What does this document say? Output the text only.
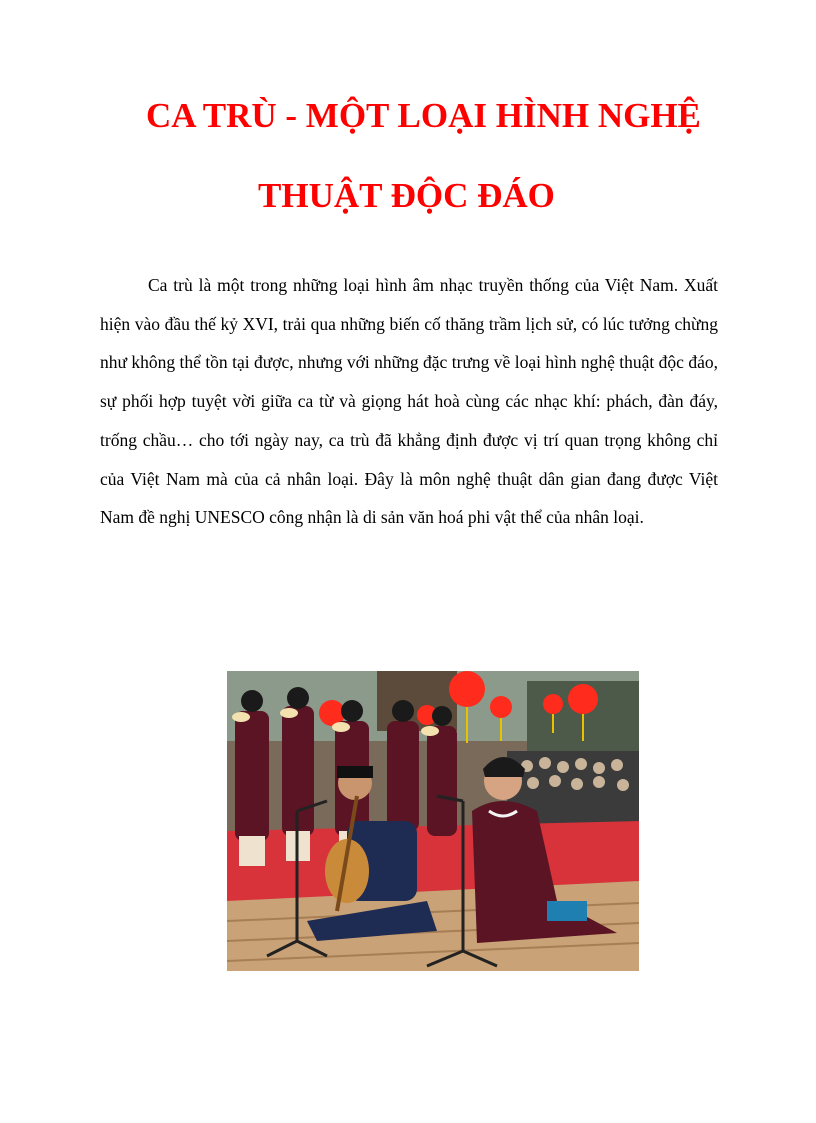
CA TRÙ - MỘT LOẠI HÌNH NGHỆ
THUẬT ĐỘC ĐÁO

Ca trù là một trong những loại hình âm nhạc truyền thống của Việt Nam. Xuất hiện vào đầu thế kỷ XVI, trải qua những biến cố thăng trầm lịch sử, có lúc tưởng chừng như không thể tồn tại được, nhưng với những đặc trưng về loại hình nghệ thuật độc đáo, sự phối hợp tuyệt vời giữa ca từ và giọng hát hoà cùng các nhạc khí: phách, đàn đáy, trống chầu… cho tới ngày nay, ca trù đã khẳng định được vị trí quan trọng không chỉ của Việt Nam mà của cả nhân loại. Đây là môn nghệ thuật dân gian đang được Việt Nam đề nghị UNESCO công nhận là di sản văn hoá phi vật thể của nhân loại.
